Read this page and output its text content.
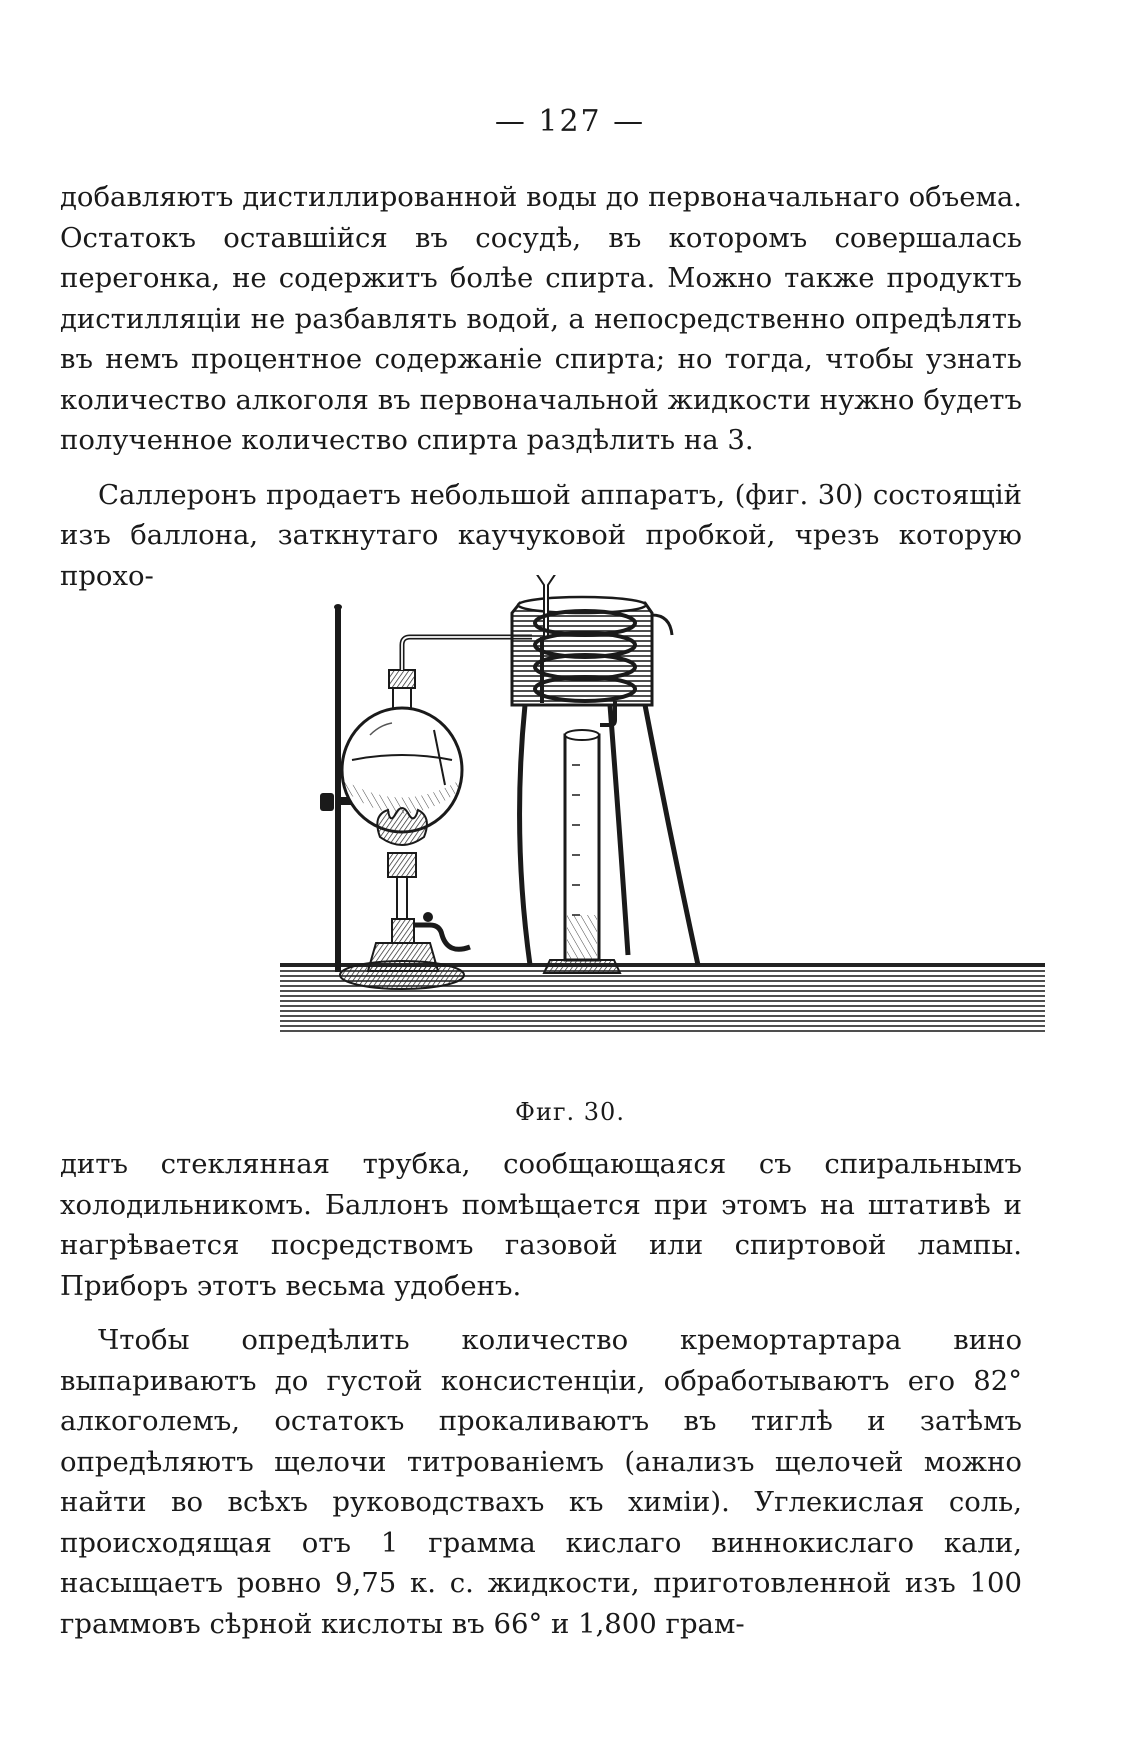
— 127 —

добавляютъ дистиллированной воды до первоначальнаго объема. Остатокъ оставшійся въ сосудѣ, въ которомъ совершалась перегонка, не содержитъ болѣе спирта. Можно также продуктъ дистилляціи не разбавлять водой, а непосредственно опредѣлять въ немъ процентное содержаніе спирта; но тогда, чтобы узнать количество алкоголя въ первоначальной жидкости нужно будетъ полученное количество спирта раздѣлить на 3.

Саллеронъ продаетъ небольшой аппаратъ, (фиг. 30) состоящій изъ баллона, заткнутаго каучуковой пробкой, чрезъ которую прохо-

Фиг. 30.

дитъ стеклянная трубка, сообщающаяся съ спиральнымъ холодильникомъ. Баллонъ помѣщается при этомъ на штативѣ и нагрѣвается посредствомъ газовой или спиртовой лампы. Приборъ этотъ весьма удобенъ.

Чтобы опредѣлить количество кремортартара вино выпариваютъ до густой консистенціи, обработываютъ его 82° алкоголемъ, остатокъ прокаливаютъ въ тиглѣ и затѣмъ опредѣляютъ щелочи титрованіемъ (анализъ щелочей можно найти во всѣхъ руководствахъ къ химіи). Углекислая соль, происходящая отъ 1 грамма кислаго виннокислаго кали, насыщаетъ ровно 9,75 к. с. жидкости, приготовленной изъ 100 граммовъ сѣрной кислоты въ 66° и 1,800 грам-
